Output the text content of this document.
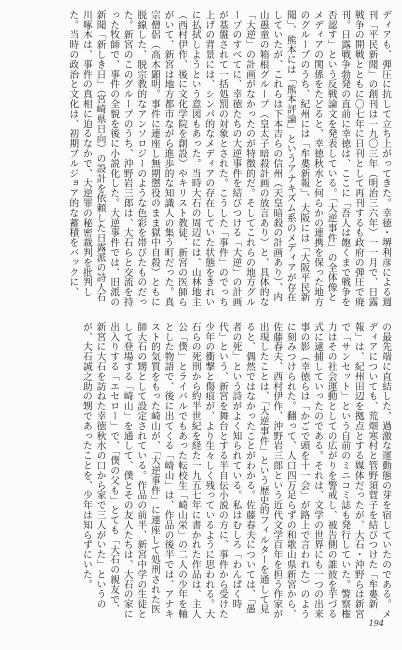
ディアも、弾圧に抗して立ち上がってきた。幸徳・堺利彦による週刊「平民新聞」の創刊は一九〇三年（明治三六年）一一月で、日露戦争の開戦とともに〇七年に日刊として再刊するも政府の弾圧で廃刊。日露戦争勃発の直前に幸徳は、ここに「吾人は飽くまで戦争を否認す」という反戦論文を発表している。「大逆事件」の全体像とメディアの関係をたどると、幸徳秋水と何らかの連携を保った地方のグループのうち、紀州には「牟婁新報」、大阪には「大阪平民新聞」、熊本には「熊本評論」というアナキズム系のメディアが存在していたが、これらは下本吉らの信州（天皇暗殺の計画あり）、内山愚童の箱根グループ（皇太子暗殺計画の放言あり）と、具体的な「大逆」の計画がなかったのが特徴的だ。そしてこれらの地方グループのすべてに、幸徳たちの大逆事件を結びつける「大逆」の計画が基盤されて一括処罰の対象とされた。こうした「事件」のでっち上げの背景には、シンパ的なメディアの存在していた状態をきれいに払拭しようという意図もあった。当時大石の周辺には、山林地主（西村伊作、後に文化学院を創設）やキリスト教徒、新宮の医師らがいて、新宮は地方都市ながら進歩的な知識人の集う町だった。真宗僧侶（高木顕明。事件に連座し無期懲役のまま獄中自殺）ともに脱線した、脱宗教的なアンソロジーのような色彩を帯びたものだった。新宮のこのグループのうち、沖野岩三郎は、大石らと交流を持った牧師で、事件の全貌を後に小説化した。大逆事件では、旧派の新聞「新しき日」（宮崎県日向）の設計を依頼した日露派の詩人石川啄木は、事件の真相に迫るなかで、大逆罪の秘密裁判を批判した。当時の政治と文化は、初期ブルジョア的な蓄積をバックに、
の最先端に直結した、過激な運動態の芽を宿していたのである。メディアについても、荒畑寒村と管野須賀子を結びつけた「牟婁新報」は、紀州田辺を拠点とする媒体だったが、大石・沖野らは新宮で「サンセット」という自前のミニコミ誌も発行していた。警察権力はその社会運動としての広がりを警戒し、被告側の誰彼を芋づる式に逮捕していったのである。それは、文学の世界にも一つの出来事の影（幸徳らは「かごで頭を十一会」が路上で言われた）のように刻みつけられた。翻って、人口四万足らずの和歌山県新宮から、佐藤春夫、西村伊作、沖野岩三郎という近代文学百年を担う作家が出現したことは、「大逆事件」という歴史的フィルターを通して見ると、偶然ではなかったことがわかる。佐藤春夫については、「愚者の死」という詩がよく知られている。私はむしろ「わんぱく時代」という、新宮を舞台とする半自伝小説の方に、事件から受けた少年の衝撃と傷痕が、より生々しく残っているように思われる。大石らの死刑から約半世紀を経た一九五七年に書かれた作品は、主人公「僕」とライバルでもあった転校生「崎山栄」の二人の少年を軸とした物語で、後に出てくる「崎山」は、作品の後半では、アナキスト的気質をもった崎山が、「大逆事件」に連座して処刑された医師大石の甥として設定されている。作品の前半、新宮中学の生徒として登場する「崎山」を通して、僕とその友人たちは、大石の家に出入りする「エセロー」で、「僕の父も」とても「大石の親友で、新宮に大石を訪ねた幸徳秋水の口から家で三人がいた」というのが、大石誠之助の甥であったことを、少年は知らずにいた。
194
